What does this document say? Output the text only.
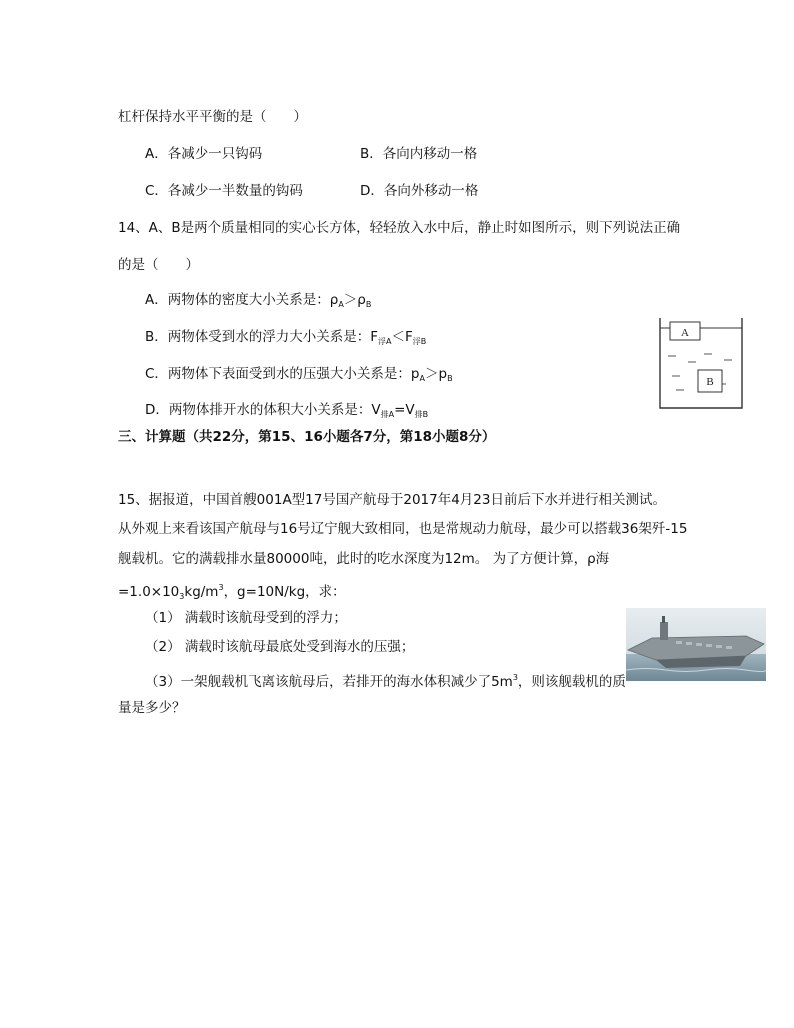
杠杆保持水平平衡的是（　　）
A．各减少一只钩码	B．各向内移动一格
C．各减少一半数量的钩码	D．各向外移动一格
14、A、B是两个质量相同的实心长方体，轻轻放入水中后，静止时如图所示，则下列说法正确
的是（　　）
A．两物体的密度大小关系是：$\rho_A>\rho_B$
B．两物体受到水的浮力大小关系是：$F_{浮A}<F_{浮B}$
C．两物体下表面受到水的压强大小关系是：$p_A>p_B$
D．两物体排开水的体积大小关系是：$V_{排A}=V_{排B}$
A
B
三、计算题（共22分，第15、16小题各7分，第18小题8分）
15、据报道，中国首艘001A型17号国产航母于2017年4月23日前后下水并进行相关测试。
从外观上来看该国产航母与16号辽宁舰大致相同，也是常规动力航母，最少可以搭载36架歼-15
舰载机。它的满载排水量80000吨，此时的吃水深度为12m。 为了方便计算，ρ海
$=1.0\times 10_3kg/m^3$，g=10N/kg，求：
（1） 满载时该航母受到的浮力；
（2） 满载时该航母最底处受到海水的压强；
（3）一架舰载机飞离该航母后，若排开的海水体积减少了$5m^3$，则该舰载机的质
量是多少？
